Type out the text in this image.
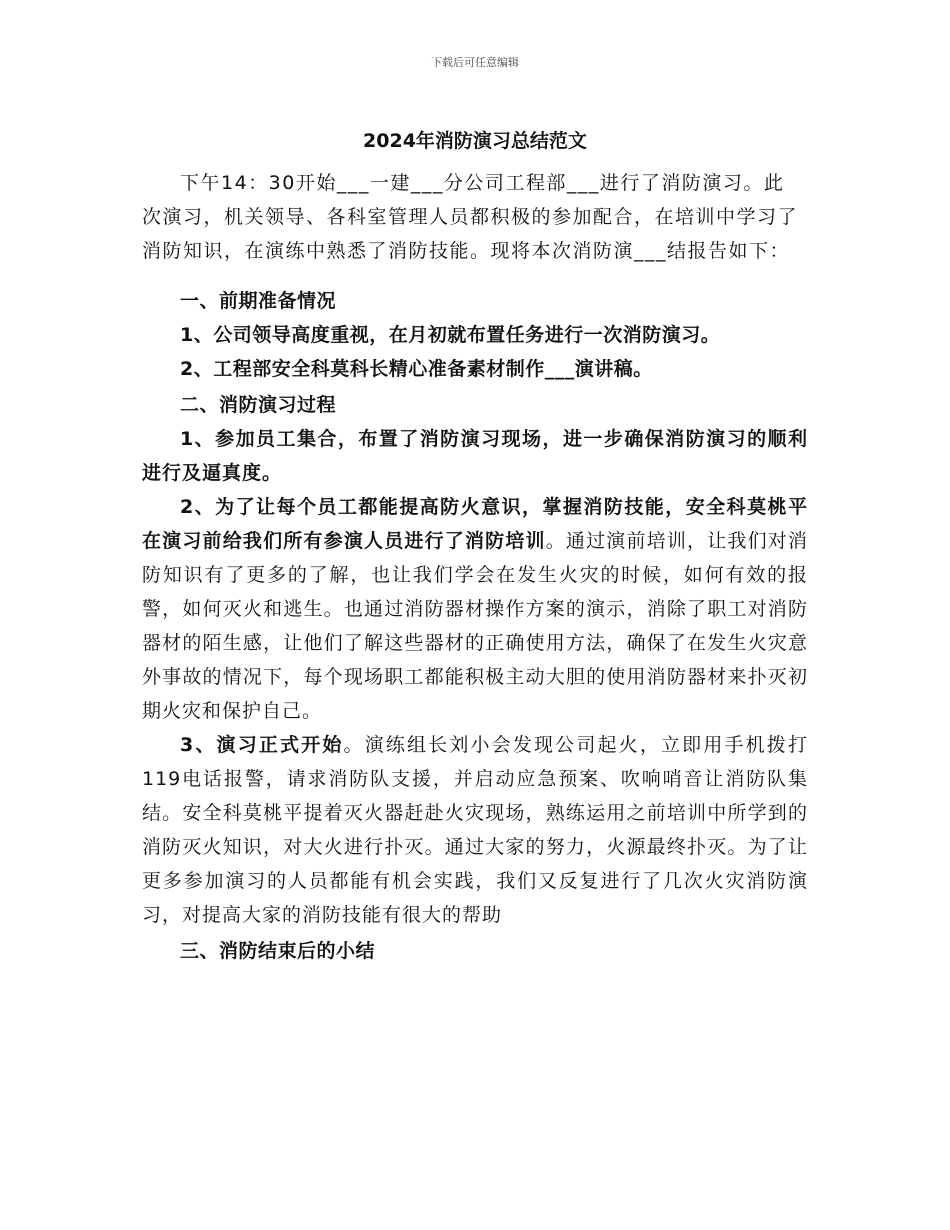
下载后可任意编辑
2024年消防演习总结范文

下午14：30开始___一建___分公司工程部___进行了消防演习。此次演习，机关领导、各科室管理人员都积极的参加配合，在培训中学习了消防知识，在演练中熟悉了消防技能。现将本次消防演___结报告如下：

一、前期准备情况

1、公司领导高度重视，在月初就布置任务进行一次消防演习。

2、工程部安全科莫科长精心准备素材制作___演讲稿。

二、消防演习过程

1、参加员工集合，布置了消防演习现场，进一步确保消防演习的顺利进行及逼真度。

2、为了让每个员工都能提高防火意识，掌握消防技能，安全科莫桃平在演习前给我们所有参演人员进行了消防培训。通过演前培训，让我们对消防知识有了更多的了解，也让我们学会在发生火灾的时候，如何有效的报警，如何灭火和逃生。也通过消防器材操作方案的演示，消除了职工对消防器材的陌生感，让他们了解这些器材的正确使用方法，确保了在发生火灾意外事故的情况下，每个现场职工都能积极主动大胆的使用消防器材来扑灭初期火灾和保护自己。

3、演习正式开始。演练组长刘小会发现公司起火，立即用手机拨打119电话报警，请求消防队支援，并启动应急预案、吹响哨音让消防队集结。安全科莫桃平提着灭火器赶赴火灾现场，熟练运用之前培训中所学到的消防灭火知识，对大火进行扑灭。通过大家的努力，火源最终扑灭。为了让更多参加演习的人员都能有机会实践，我们又反复进行了几次火灾消防演习，对提高大家的消防技能有很大的帮助

三、消防结束后的小结
